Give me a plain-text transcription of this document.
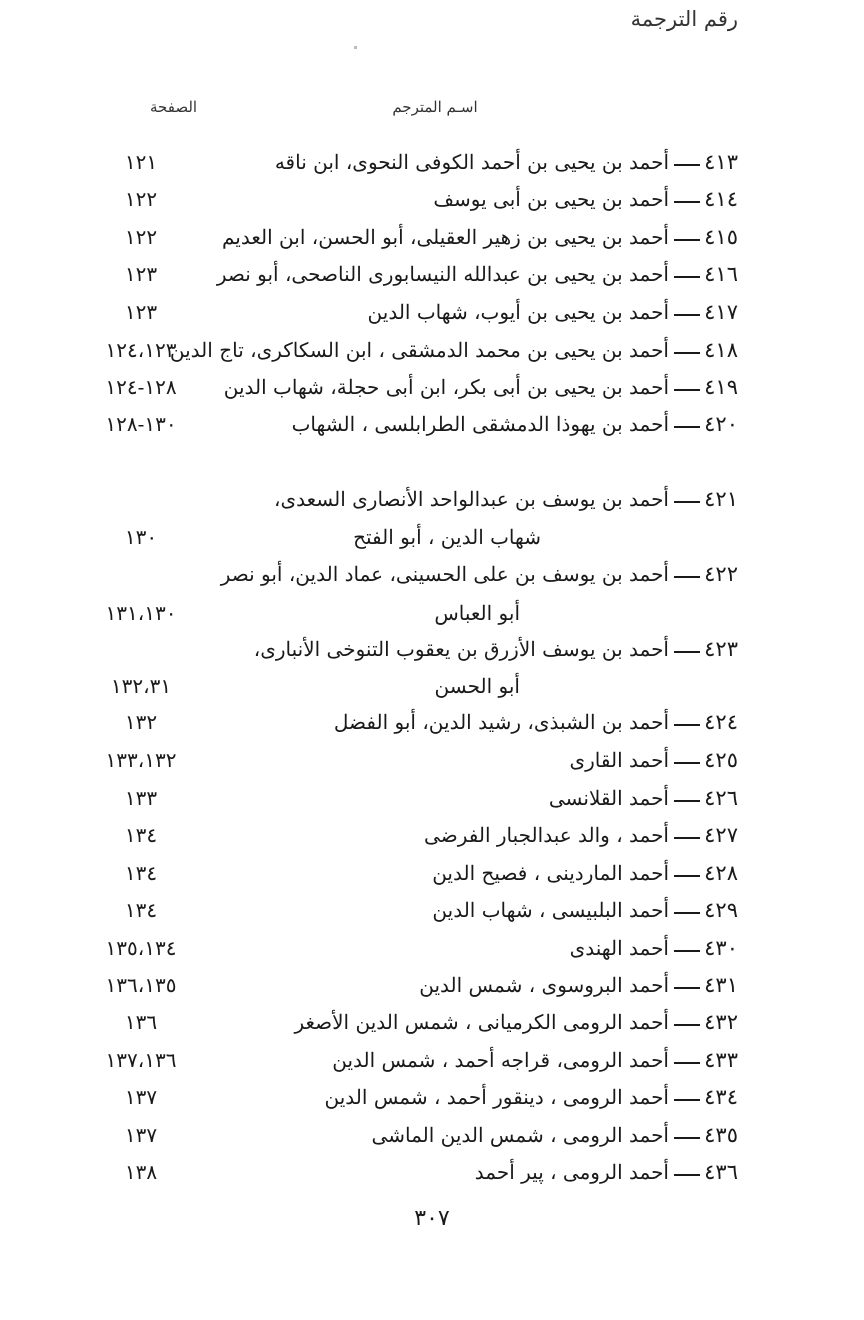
رقم الترجمة
اسـم المترجم
الصفحة
٤١٣
أحمد بن يحيى بن أحمد الكوفى النحوى، ابن ناقه
١٢١
٤١٤
أحمد بن يحيى بن أبى يوسف
١٢٢
٤١٥
أحمد بن يحيى بن زهير العقيلى، أبو الحسن، ابن العديم
١٢٢
٤١٦
أحمد بن يحيى بن عبدالله النيسابورى الناصحى، أبو نصر
١٢٣
٤١٧
أحمد بن يحيى بن أيوب، شهاب الدين
١٢٣
٤١٨
أحمد بن يحيى بن محمد الدمشقى ، ابن السكاكرى، تاج الدين
١٢٤،١٢٣
٤١٩
أحمد بن يحيى بن أبى بكر، ابن أبى حجلة، شهاب الدين
١٢٨-١٢٤
٤٢٠
أحمد بن يهوذا الدمشقى الطرابلسى ، الشهاب
١٣٠-١٢٨
٤٢١
أحمد بن يوسف بن عبدالواحد الأنصارى السعدى،
شهاب الدين ، أبو الفتح
١٣٠
٤٢٢
أحمد بن يوسف بن على الحسينى، عماد الدين، أبو نصر
أبو العباس
١٣١،١٣٠
٤٢٣
أحمد بن يوسف الأزرق بن يعقوب التنوخى الأنبارى،
أبو الحسن
١٣٢،٣١
٤٢٤
أحمد بن الشبذى، رشيد الدين، أبو الفضل
١٣٢
٤٢٥
أحمد القارى
١٣٣،١٣٢
٤٢٦
أحمد القلانسى
١٣٣
٤٢٧
أحمد ، والد عبدالجبار الفرضى
١٣٤
٤٢٨
أحمد الماردينى ، فصيح الدين
١٣٤
٤٢٩
أحمد البلبيسى ، شهاب الدين
١٣٤
٤٣٠
أحمد الهندى
١٣٥،١٣٤
٤٣١
أحمد البروسوى ، شمس الدين
١٣٦،١٣٥
٤٣٢
أحمد الرومى الكرميانى ، شمس الدين الأصغر
١٣٦
٤٣٣
أحمد الرومى، قراجه أحمد ، شمس الدين
١٣٧،١٣٦
٤٣٤
أحمد الرومى ، دينقور أحمد ، شمس الدين
١٣٧
٤٣٥
أحمد الرومى ، شمس الدين الماشى
١٣٧
٤٣٦
أحمد الرومى ، پير أحمد
١٣٨
٣٠٧
